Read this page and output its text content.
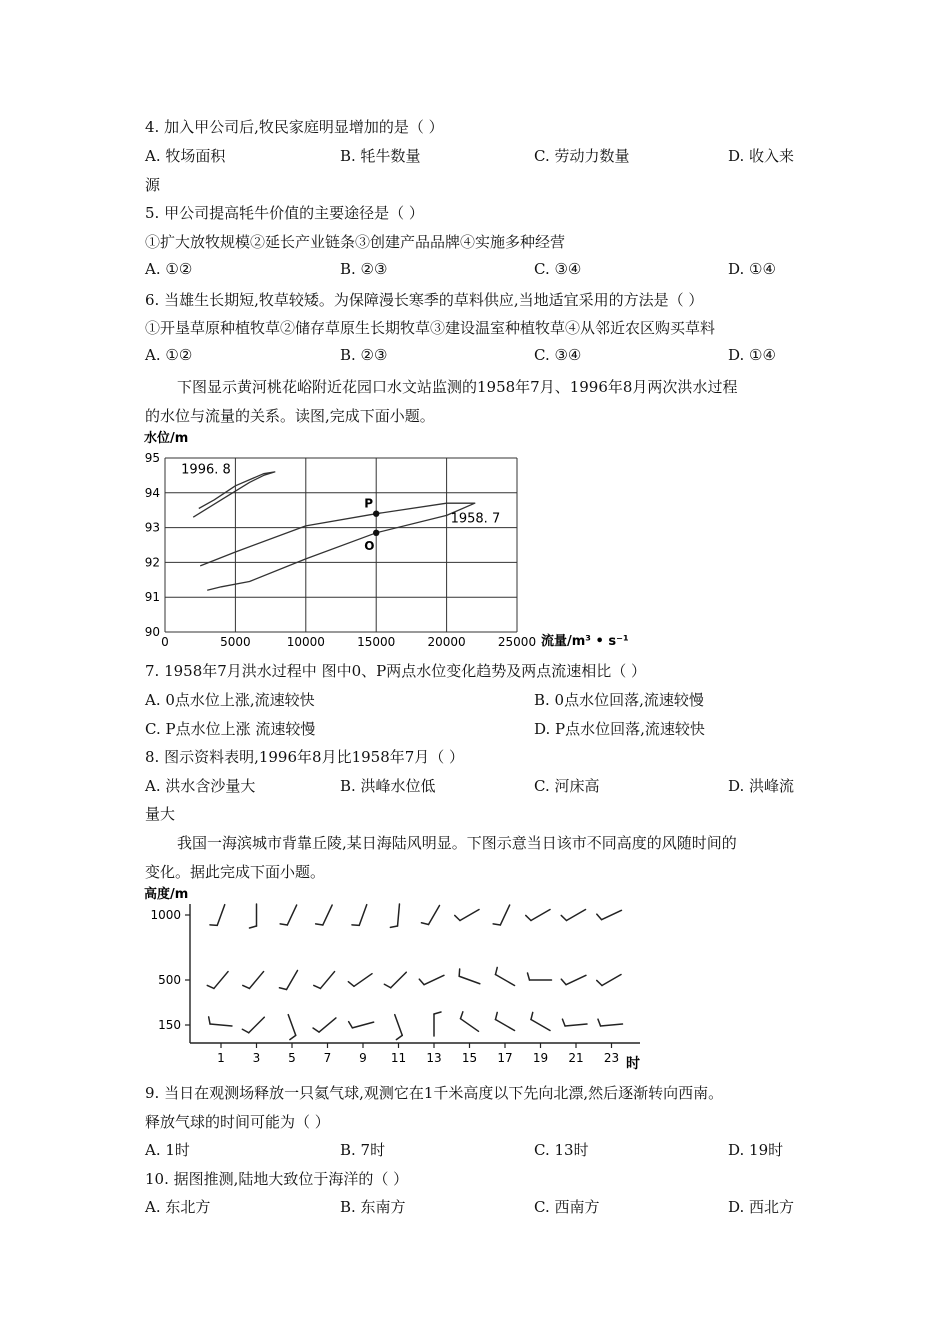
4. 加入甲公司后,牧民家庭明显增加的是（ ）
A. 牧场面积	B. 牦牛数量	C. 劳动力数量	D. 收入来
源
5. 甲公司提高牦牛价值的主要途径是（ ）
①扩大放牧规模②延长产业链条③创建产品品牌④实施多种经营
A. ①②	B. ②③	C. ③④	D. ①④
6. 当雄生长期短,牧草较矮。为保障漫长寒季的草料供应,当地适宜采用的方法是（ ）
①开垦草原种植牧草②储存草原生长期牧草③建设温室种植牧草④从邻近农区购买草料
A. ①②	B. ②③	C. ③④	D. ①④
下图显示黄河桃花峪附近花园口水文站监测的1958年7月、1996年8月两次洪水过程
的水位与流量的关系。读图,完成下面小题。
1996. 8
1958. 7
P
O
0	5000	10000	15000	20000	25000
90
91
92
93
94
95
水位/m
流量/m³ • s⁻¹
7. 1958年7月洪水过程中 图中0、P两点水位变化趋势及两点流速相比（ ）
A. 0点水位上涨,流速较快	B. 0点水位回落,流速较慢
C. P点水位上涨 流速较慢	D. P点水位回落,流速较快
8. 图示资料表明,1996年8月比1958年7月（ ）
A. 洪水含沙量大	B. 洪峰水位低	C. 河床高	D. 洪峰流
量大
我国一海滨城市背靠丘陵,某日海陆风明显。下图示意当日该市不同高度的风随时间的
变化。据此完成下面小题。
1000
500
150
1 3 5 7 9 11 13 15 17 19 21 23
高度/m
时
9. 当日在观测场释放一只氦气球,观测它在1千米高度以下先向北漂,然后逐渐转向西南。
释放气球的时间可能为（ ）
A. 1时	B. 7时	C. 13时	D. 19时
10. 据图推测,陆地大致位于海洋的（ ）
A. 东北方	B. 东南方	C. 西南方	D. 西北方
